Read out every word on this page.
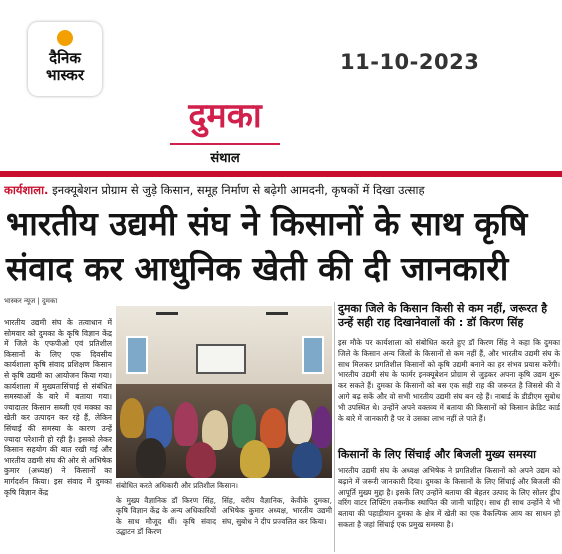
दैनिक
भास्कर
11-10-2023
दुमका
संथाल
कार्यशाला. इनक्यूबेशन प्रोग्राम से जुड़े किसान, समूह निर्माण से बढ़ेगी आमदनी, कृषकों में दिखा उत्साह
भारतीय उद्यमी संघ ने किसानों के साथ कृषि संवाद कर आधुनिक खेती की दी जानकारी
भास्कर न्यूज | दुमका
भारतीय उद्यमी संघ के तत्वाधान में सोमवार को दुमका के कृषि विज्ञान केंद्र में जिले के एफपीओ एवं प्रतिशील किसानों के लिए एक दिवसीय कार्यशाला कृषि संवाद प्रशिक्षण किसान से कृषि उद्यमी का आयोजन किया गया। कार्यशाला में मुख्यतःसिंचाई से संबंधित समस्याओं के बारे में बताया गया। ज्यादातर किसान सब्जी एवं मक्का का खेती कर उत्पादन कर रहे हैं, लेकिन सिंचाई की समस्या के कारण उन्हें ज्यादा परेशानी हो रही है। इसको लेकर किसान सहयोग की बात रखी गई और भारतीय उद्यमी संघ की ओर से अभिषेक कुमार (अध्यक्ष) ने किसानों का मार्गदर्शन किया। इस संवाद में दुमका कृषि विज्ञान केंद्र
संबोधित करते अधिकारी और प्रतिशील किसान।
के मुख्य वैज्ञानिक डॉ किरण सिंह, कृषि विज्ञान केंद्र के अन्य अधिकारियों के साथ मौजूद थीं। कृषि संवाद उद्घाटन डॉ किरण
सिंह, वरीय वैज्ञानिक, केवीके दुमका, अभिषेक कुमार अध्यक्ष, भारतीय उद्यमी संघ, सुबोध ने दीप प्रज्वलित कर किया।
दुमका जिले के किसान किसी से कम नहीं, जरूरत है उन्हें सही राह दिखानेवालों की : डॉ किरण सिंह
इस मौके पर कार्यशाला को संबोधित करते हुए डॉ किरण सिंह ने कहा कि दुमका जिले के किसान अन्य जिलों के किसानों से कम नहीं हैं, और भारतीय उद्यमी संघ के साथ मिलकर प्रगतिशील किसानों को कृषि उद्यमी बनाने का हर संभव प्रयास करेंगी। भारतीय उद्यमी संघ के फार्मर इनक्यूबेशन प्रोग्राम से जुड़कर अपना कृषि उद्यम शुरू कर सकते हैं। दुमका के किसानों को बस एक सही राह की जरूरत है जिससे की वे आगे बढ़ सकें और वो सभी भारतीय उद्यमी संघ बन रहे हैं। नाबार्ड के डीडीएम सुबोध भी उपस्थित थे। उन्होंने अपने वक्तव्य में बताया की किसानों को किसान क्रेडिट कार्ड के बारे में जानकारी है पर वे उसका लाभ नहीं ले पाते हैं।
किसानों के लिए सिंचाई और बिजली मुख्य समस्या
भारतीय उद्यमी संघ के अध्यक्ष अभिषेक ने प्रगतिशील किसानों को अपने उद्यम को बढ़ाने में जरूरी जानकारी दिया। दुमका के किसानों के लिए सिंचाई और बिजली की आपूर्ति मुख्य मुद्दा है। इसके लिए उन्होंने बताया की बेहतर उत्पाद के लिए सोलर ड्रीप वरिंग वाटर लिफ्टिंग तकनीक स्थापित की जानी चाहिए। साथ ही साथ उन्होंने ये भी बताया की पहाड़ीयान दुमका के क्षेत्र में खेती का एक वैकल्पिक आय का साधन हो सकता है जहां सिंचाई एक प्रमुख समस्या है।
